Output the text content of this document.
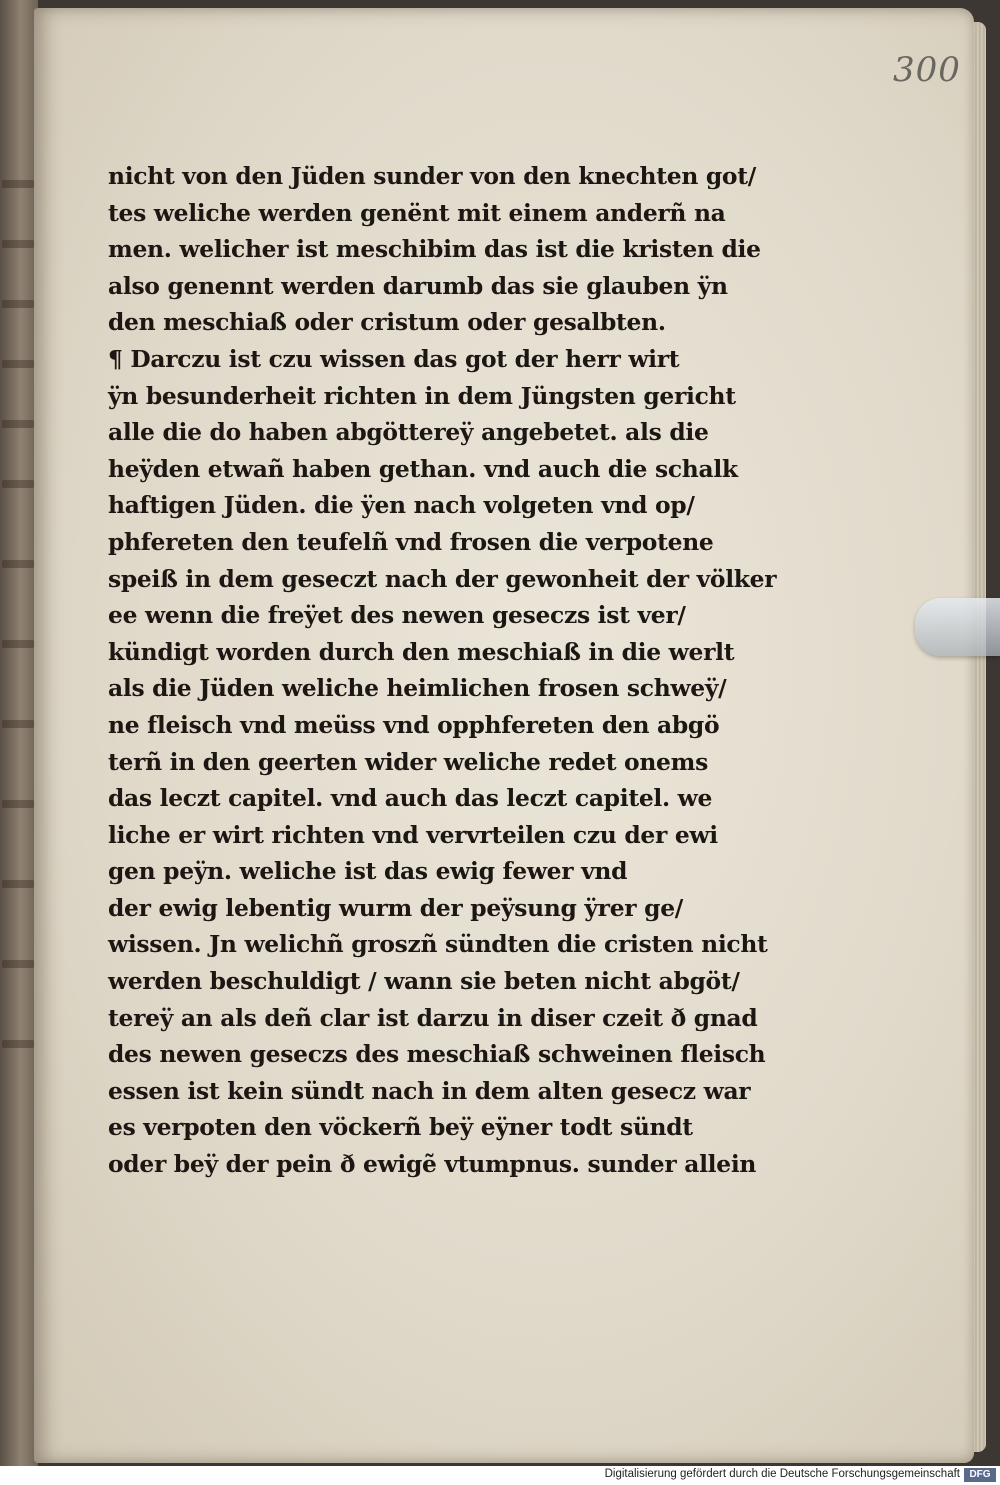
300
nicht von den Jüden sunder von den knechten got/
tes weliche werden genënt mit einem anderñ na
men. welicher ist meschibim das ist die kristen die
also genennt werden darumb das sie glauben ÿn
den meschiaß oder cristum oder gesalbten.
¶ Darczu ist czu wissen das got der herr wirt
ÿn besunderheit richten in dem Jüngsten gericht
alle die do haben abgöttereÿ angebetet. als die
heÿden etwañ haben gethan. vnd auch die schalk
haftigen Jüden. die ÿen nach volgeten vnd op/
phfereten den teufelñ vnd frosen die verpotene
speiß in dem geseczt nach der gewonheit der völker
ee wenn die freÿet des newen geseczs ist ver/
kündigt worden durch den meschiaß in die werlt
als die Jüden weliche heimlichen frosen schweÿ/
ne fleisch vnd meüss vnd opphfereten den abgö
terñ in den geerten wider weliche redet onems
das leczt capitel. vnd auch das leczt capitel. we
liche er wirt richten vnd vervrteilen czu der ewi
gen peÿn. weliche ist das ewig fewer vnd
der ewig lebentig wurm der peÿsung ÿrer ge/
wissen. Jn welichñ groszñ sündten die cristen nicht
werden beschuldigt / wann sie beten nicht abgöt/
tereÿ an als deñ clar ist darzu in diser czeit ð gnad
des newen geseczs des meschiaß schweinen fleisch
essen ist kein sündt nach in dem alten gesecz war
es verpoten den vöckerñ beÿ eÿner todt sündt
oder beÿ der pein ð ewigẽ vtumpnus. sunder allein
Digitalisierung gefördert durch die Deutsche Forschungsgemeinschaft DFG
